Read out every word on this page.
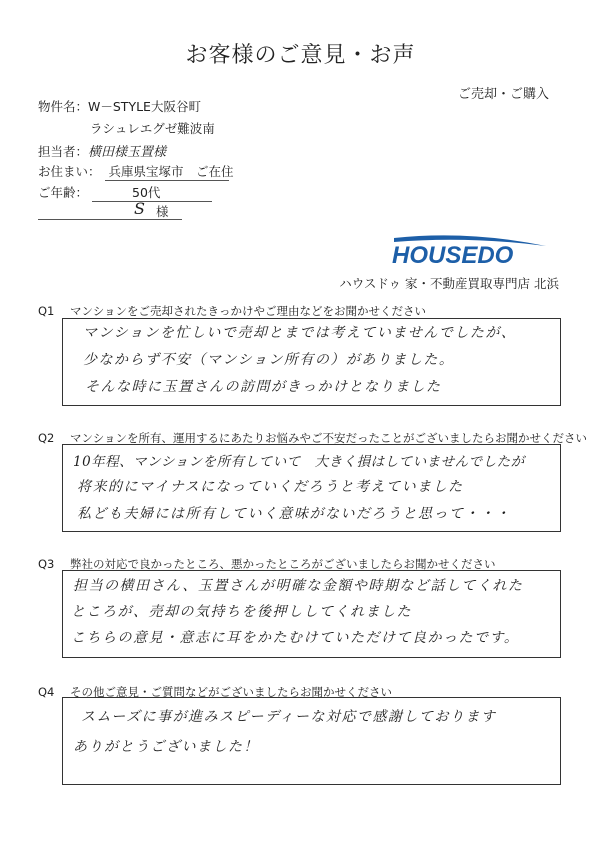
お客様のご意見・お声
ご売却・ご購入
物件名：W－STYLE大阪谷町
ラシュレエグゼ難波南
担当者：横田様玉置様
お住まい： 兵庫県宝塚市　ご在住
ご年齢：	50代
S 様
HOUSEDO
ハウスドゥ 家・不動産買取専門店 北浜
Q1 マンションをご売却されたきっかけやご理由などをお聞かせください
マンションを忙しいで売却とまでは考えていませんでしたが、
少なからず不安（マンション所有の）がありました。
そんな時に玉置さんの訪問がきっかけとなりました
Q2 マンションを所有、運用するにあたりお悩みやご不安だったことがございましたらお聞かせください
10年程、マンションを所有していて　大きく損はしていませんでしたが
将来的にマイナスになっていくだろうと考えていました
私ども夫婦には所有していく意味がないだろうと思って・・・
Q3 弊社の対応で良かったところ、悪かったところがございましたらお聞かせください
担当の横田さん、玉置さんが明確な金額や時期など話してくれた
ところが、売却の気持ちを後押ししてくれました
こちらの意見・意志に耳をかたむけていただけて良かったです。
Q4 その他ご意見・ご質問などがございましたらお聞かせください
スムーズに事が進みスピーディーな対応で感謝しております
ありがとうございました！
